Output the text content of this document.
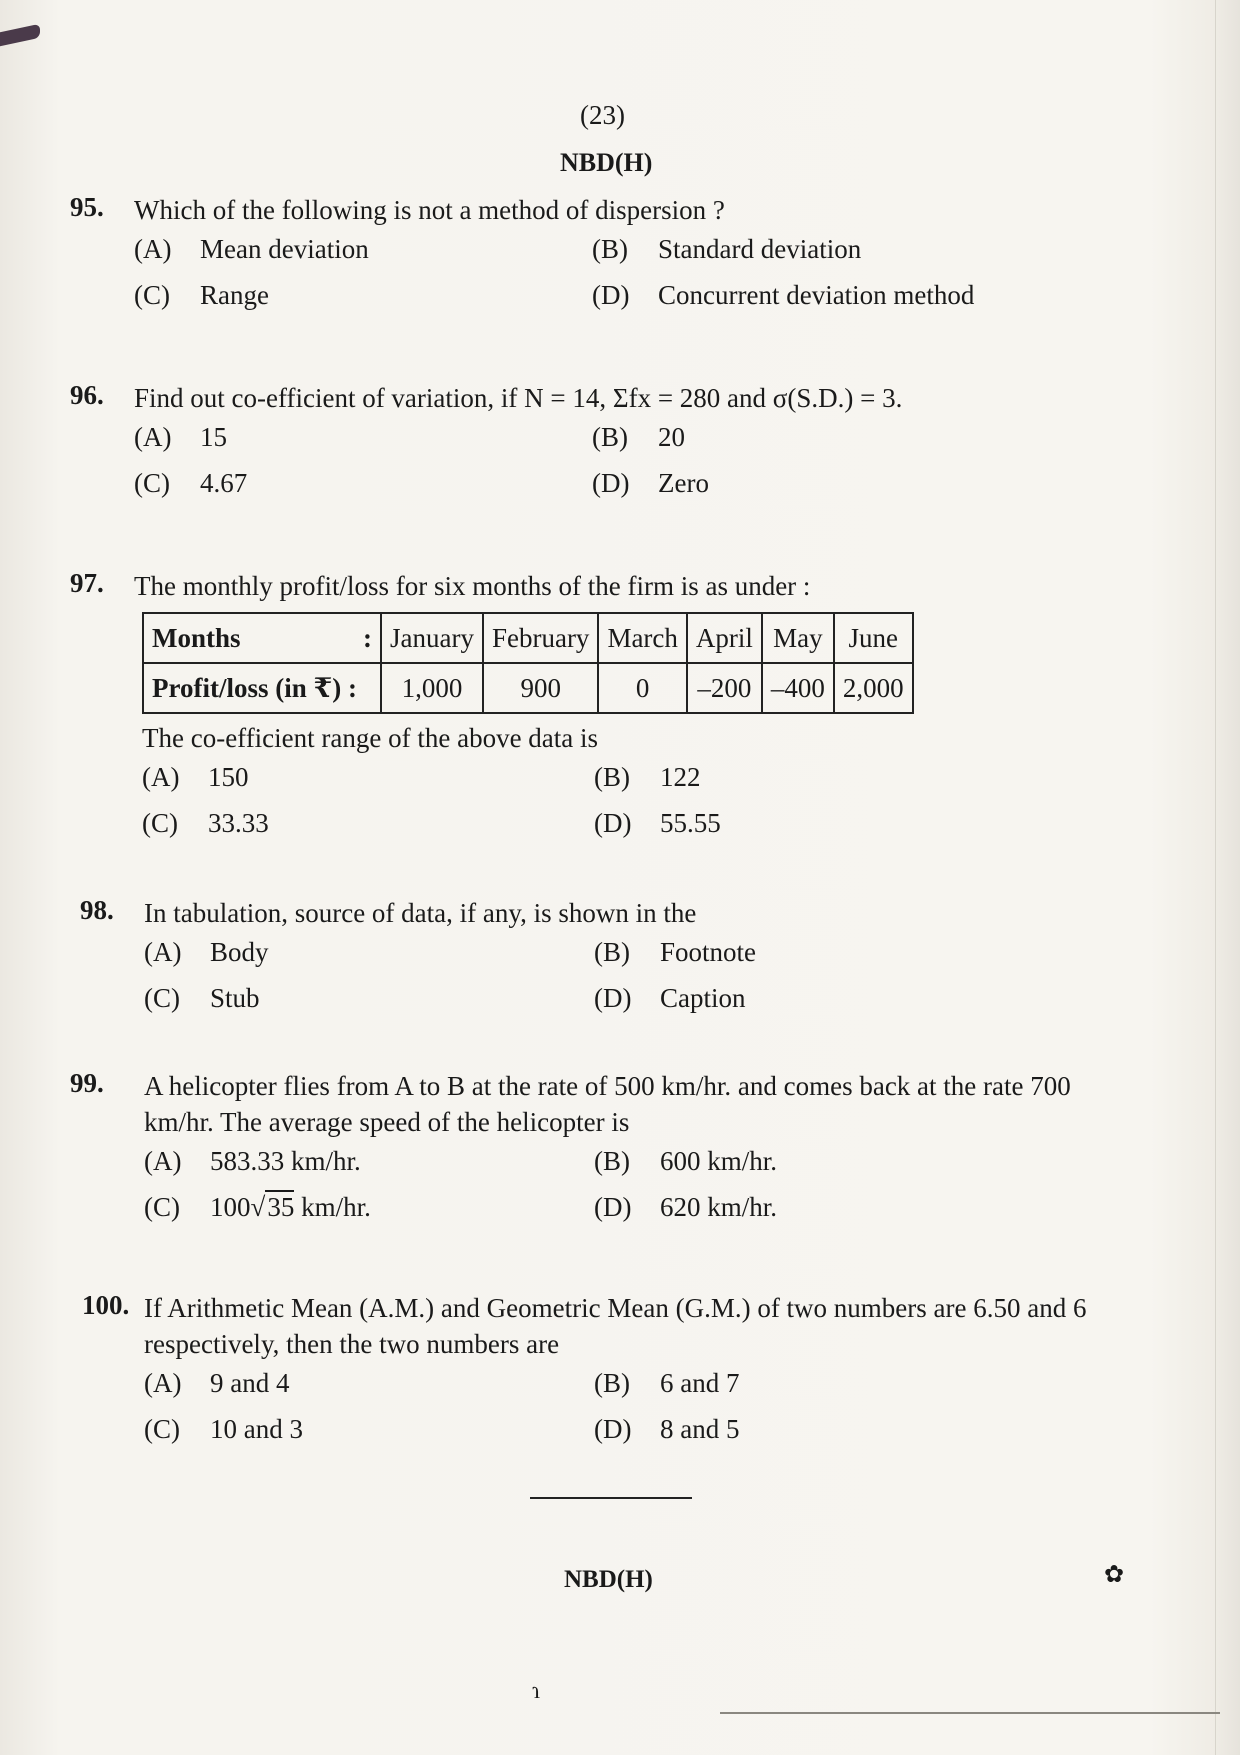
(23)
NBD(H)
95. Which of the following is not a method of dispersion ?
(A) Mean deviation	(B) Standard deviation
(C) Range	(D) Concurrent deviation method
96. Find out co-efficient of variation, if N = 14, Σfx = 280 and σ(S.D.) = 3.
(A) 15	(B) 20
(C) 4.67	(D) Zero
97. The monthly profit/loss for six months of the firm is as under :
Months :	January	February	March	April	May	June
Profit/loss (in ₹) :	1,000	900	0	–200	–400	2,000
The co-efficient range of the above data is
(A) 150	(B) 122
(C) 33.33	(D) 55.55
98. In tabulation, source of data, if any, is shown in the
(A) Body	(B) Footnote
(C) Stub	(D) Caption
99. A helicopter flies from A to B at the rate of 500 km/hr. and comes back at the rate 700 km/hr. The average speed of the helicopter is
(A) 583.33 km/hr.	(B) 600 km/hr.
(C) 100√35 km/hr.	(D) 620 km/hr.
100. If Arithmetic Mean (A.M.) and Geometric Mean (G.M.) of two numbers are 6.50 and 6 respectively, then the two numbers are
(A) 9 and 4	(B) 6 and 7
(C) 10 and 3	(D) 8 and 5
NBD(H)	✿
ɿ
